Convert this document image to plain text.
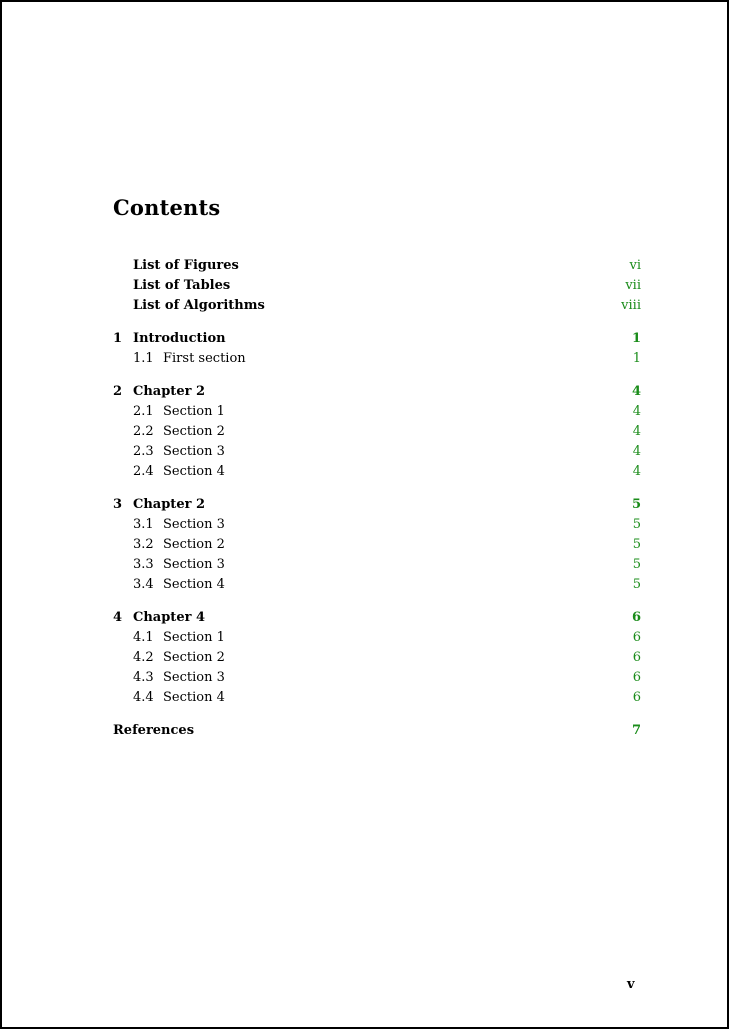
Contents
List of Figures	vi
List of Tables	vii
List of Algorithms	viii
1 Introduction	1
1.1 First section	1
2 Chapter 2	4
2.1 Section 1	4
2.2 Section 2	4
2.3 Section 3	4
2.4 Section 4	4
3 Chapter 2	5
3.1 Section 3	5
3.2 Section 2	5
3.3 Section 3	5
3.4 Section 4	5
4 Chapter 4	6
4.1 Section 1	6
4.2 Section 2	6
4.3 Section 3	6
4.4 Section 4	6
References	7
v
